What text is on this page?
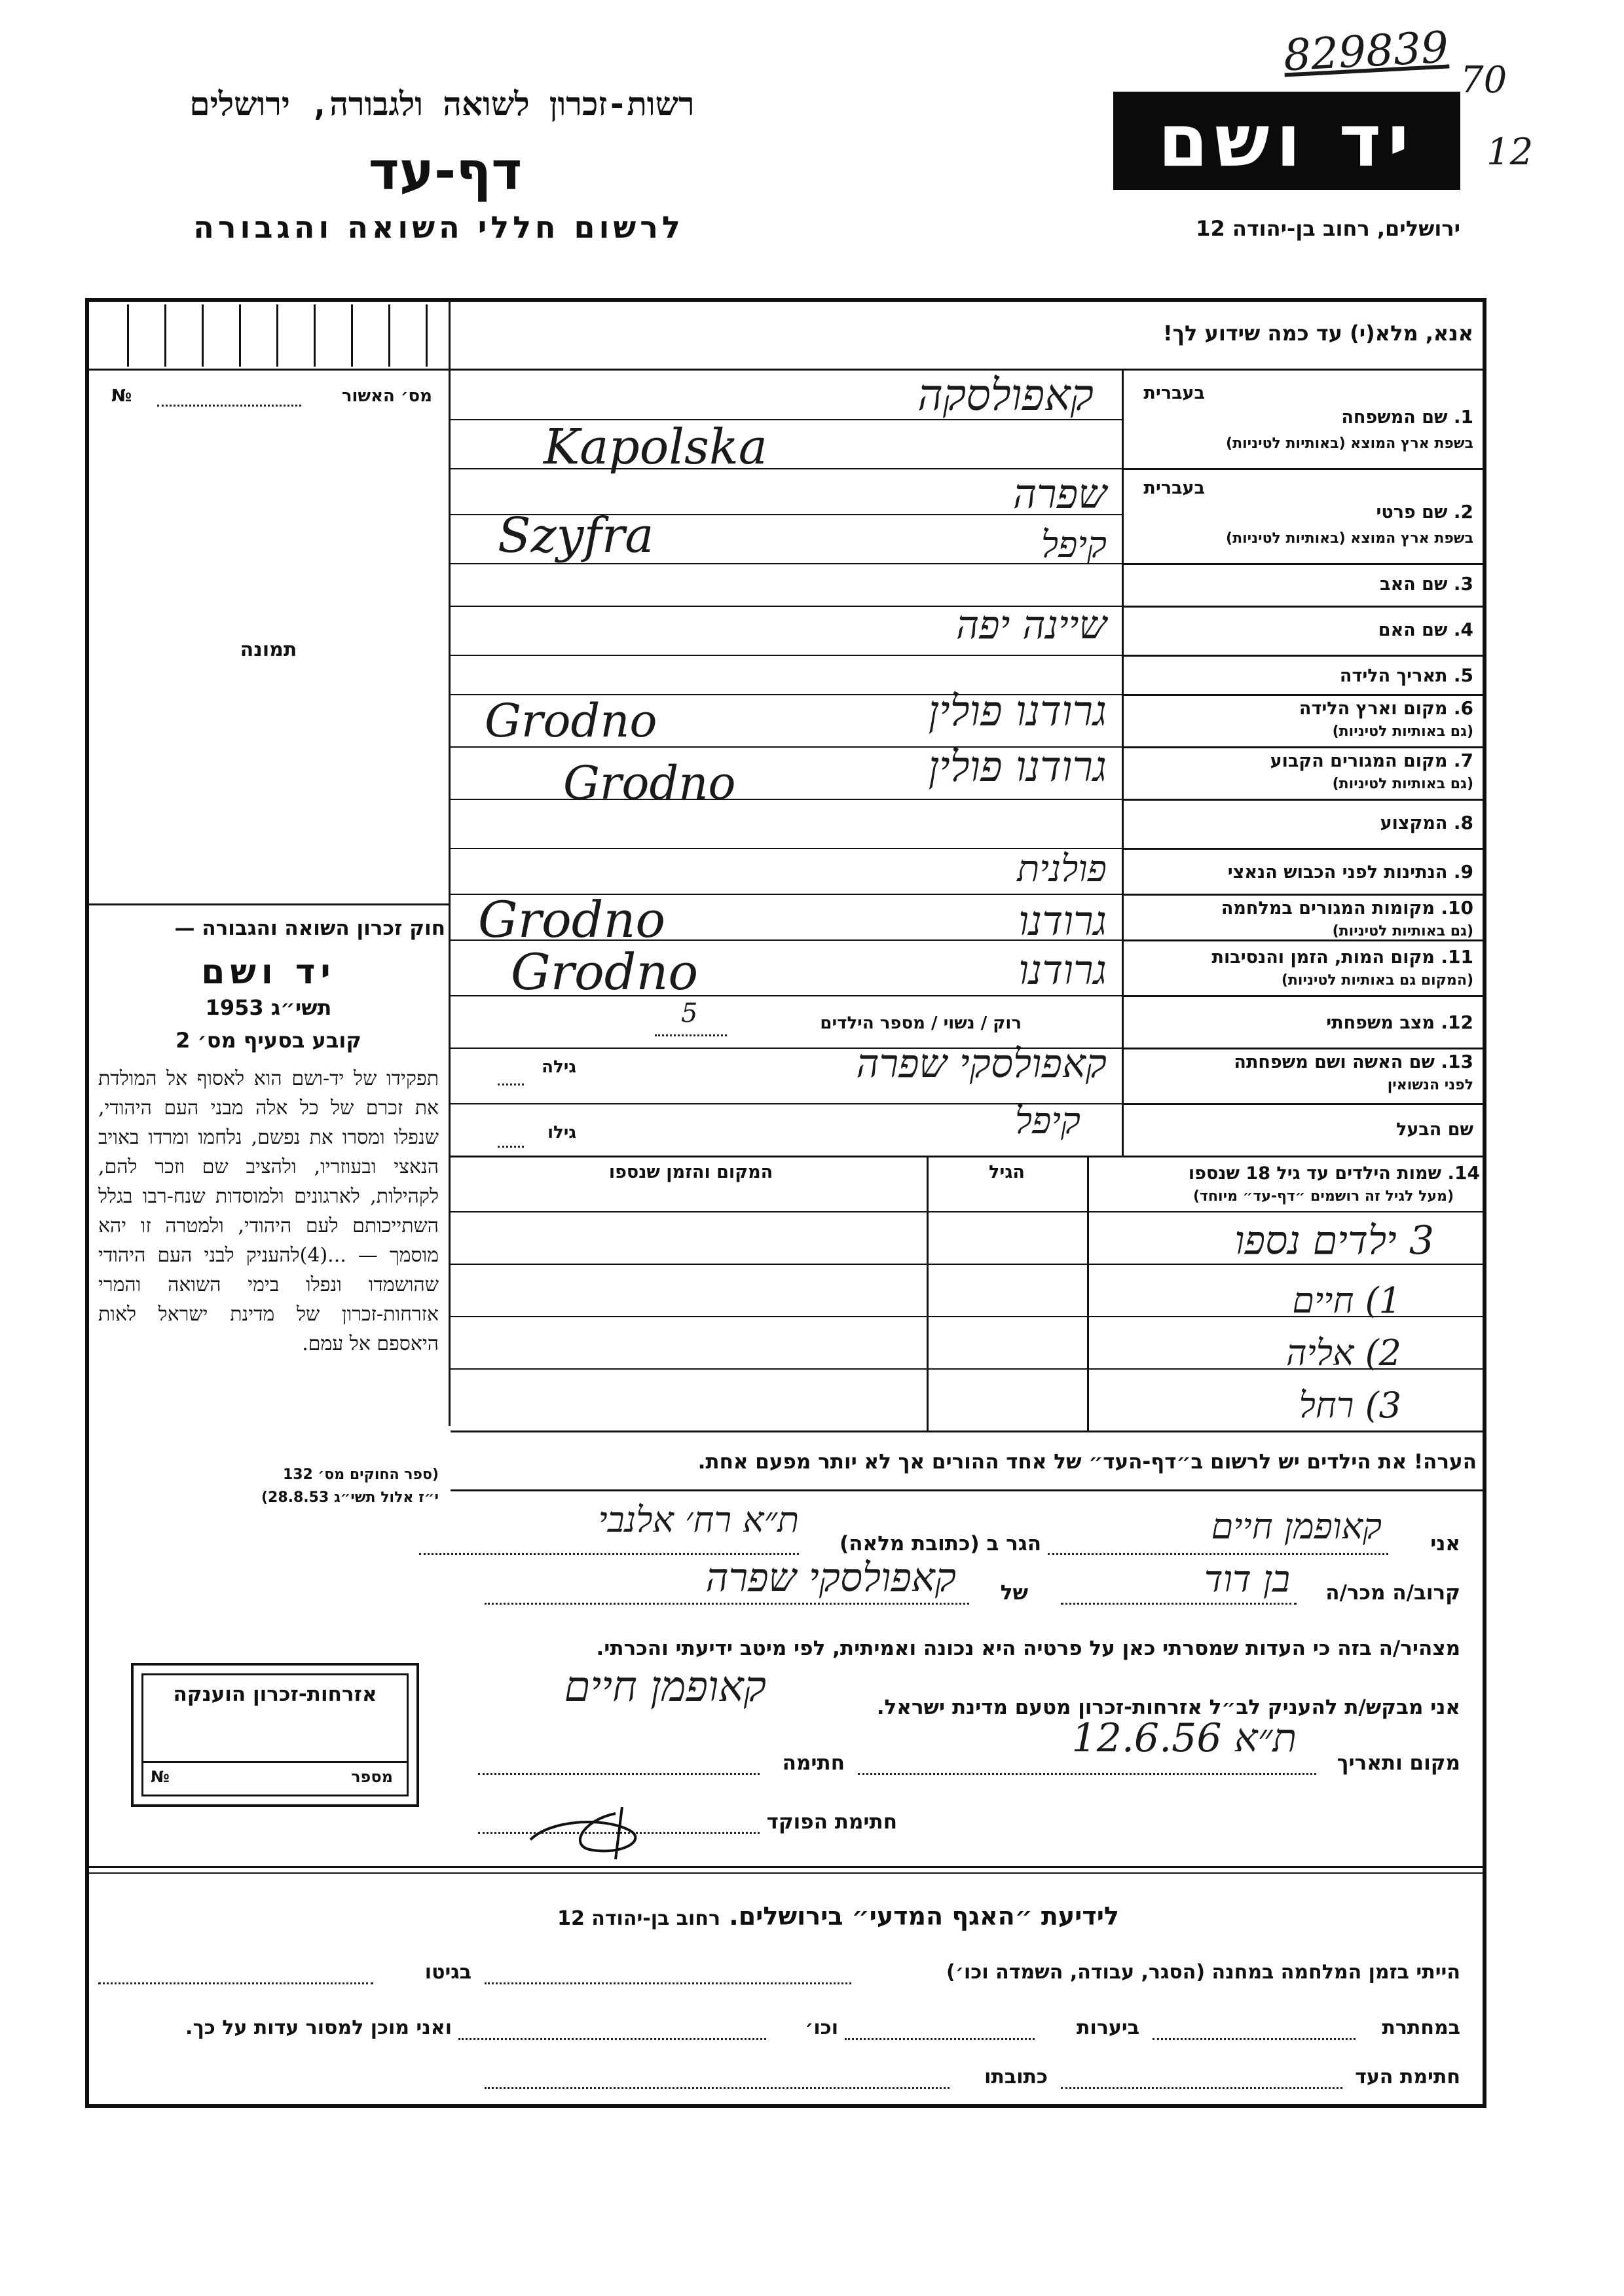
829839 70
12
רשות-זכרון לשואה ולגבורה, ירושלים
דף-עד
לרשום חללי השואה והגבורה
יד ושם
ירושלים, רחוב בן-יהודה 12
אנא, מלא(י) עד כמה שידוע לך!
מס׳ האשור
№
תמונה
חוק זכרון השואה והגבורה —
יד ושם
תשי״ג 1953
קובע בסעיף מס׳ 2
תפקידו של יד-ושם הוא לאסוף אל המולדת את זכרם של כל אלה מבני העם היהודי, שנפלו ומסרו את נפשם, נלחמו ומרדו באויב הנאצי ובעוזריו, ולהציב שם וזכר להם, לקהילות, לארגונים ולמוסדות שנח-רבו בגלל השתייכותם לעם היהודי, ולמטרה זו יהא מוסמך — ...(4)להעניק לבני העם היהודי שהושמדו ונפלו בימי השואה והמרי אזרחות-זכרון של מדינת ישראל לאות היאספם אל עמם.
(ספר החוקים מס׳ 132
י״ז אלול תשי״ג 28.8.53)
בעברית
1. שם המשפחה
בשפת ארץ המוצא (באותיות לטיניות)
קאפולסקה
Kapolska
בעברית
2. שם פרטי
בשפת ארץ המוצא (באותיות לטיניות)
שפרה
Szyfra
3. שם האב
קיפל
4. שם האם
שיינה יפה
5. תאריך הלידה
6. מקום וארץ הלידה
(גם באותיות לטיניות)
גרודנו פולין
Grodno
7. מקום המגורים הקבוע
(גם באותיות לטיניות)
גרודנו פולין
Grodno
8. המקצוע
9. הנתינות לפני הכבוש הנאצי
פולנית
10. מקומות המגורים במלחמה
(גם באותיות לטיניות)
גרודנו
Grodno
11. מקום המות, הזמן והנסיבות
(המקום גם באותיות לטיניות)
גרודנו
Grodno
12. מצב משפחתי
רוק / נשוי / מספר הילדים
5
13. שם האשה ושם משפחתה
לפני הנשואין
גילה	קאפולסקי שפרה
שם הבעל
גילו	קיפל
14. שמות הילדים עד גיל 18 שנספו
(מעל לגיל זה רושמים ״דף-עד״ מיוחד)
הגיל
המקום והזמן שנספו
3 ילדים נספו
1) חיים
2) אליה
3) רחל
הערה! את הילדים יש לרשום ב״דף-העד״ של אחד ההורים אך לא יותר מפעם אחת.
אני
קאופמן חיים
הגר ב (כתובת מלאה)
ת״א רח׳ אלנבי
קרוב/ה מכר/ה
בן דוד
של
קאפולסקי שפרה
מצהיר/ה בזה כי העדות שמסרתי כאן על פרטיה היא נכונה ואמיתית, לפי מיטב ידיעתי והכרתי.
אזרחות-זכרון הוענקה
מספר
№
אני מבקש/ת להעניק לב״ל אזרחות-זכרון מטעם מדינת ישראל.
קאופמן חיים
מקום ותאריך
ת״א 12.6.56
חתימה
חתימת הפוקד
לידיעת ״האגף המדעי״ בירושלים. רחוב בן-יהודה 12
הייתי בזמן המלחמה במחנה (הסגר, עבודה, השמדה וכו׳)
בגיטו
במחתרת
ביערות
וכו׳
ואני מוכן למסור עדות על כך.
חתימת העד
כתובתו
